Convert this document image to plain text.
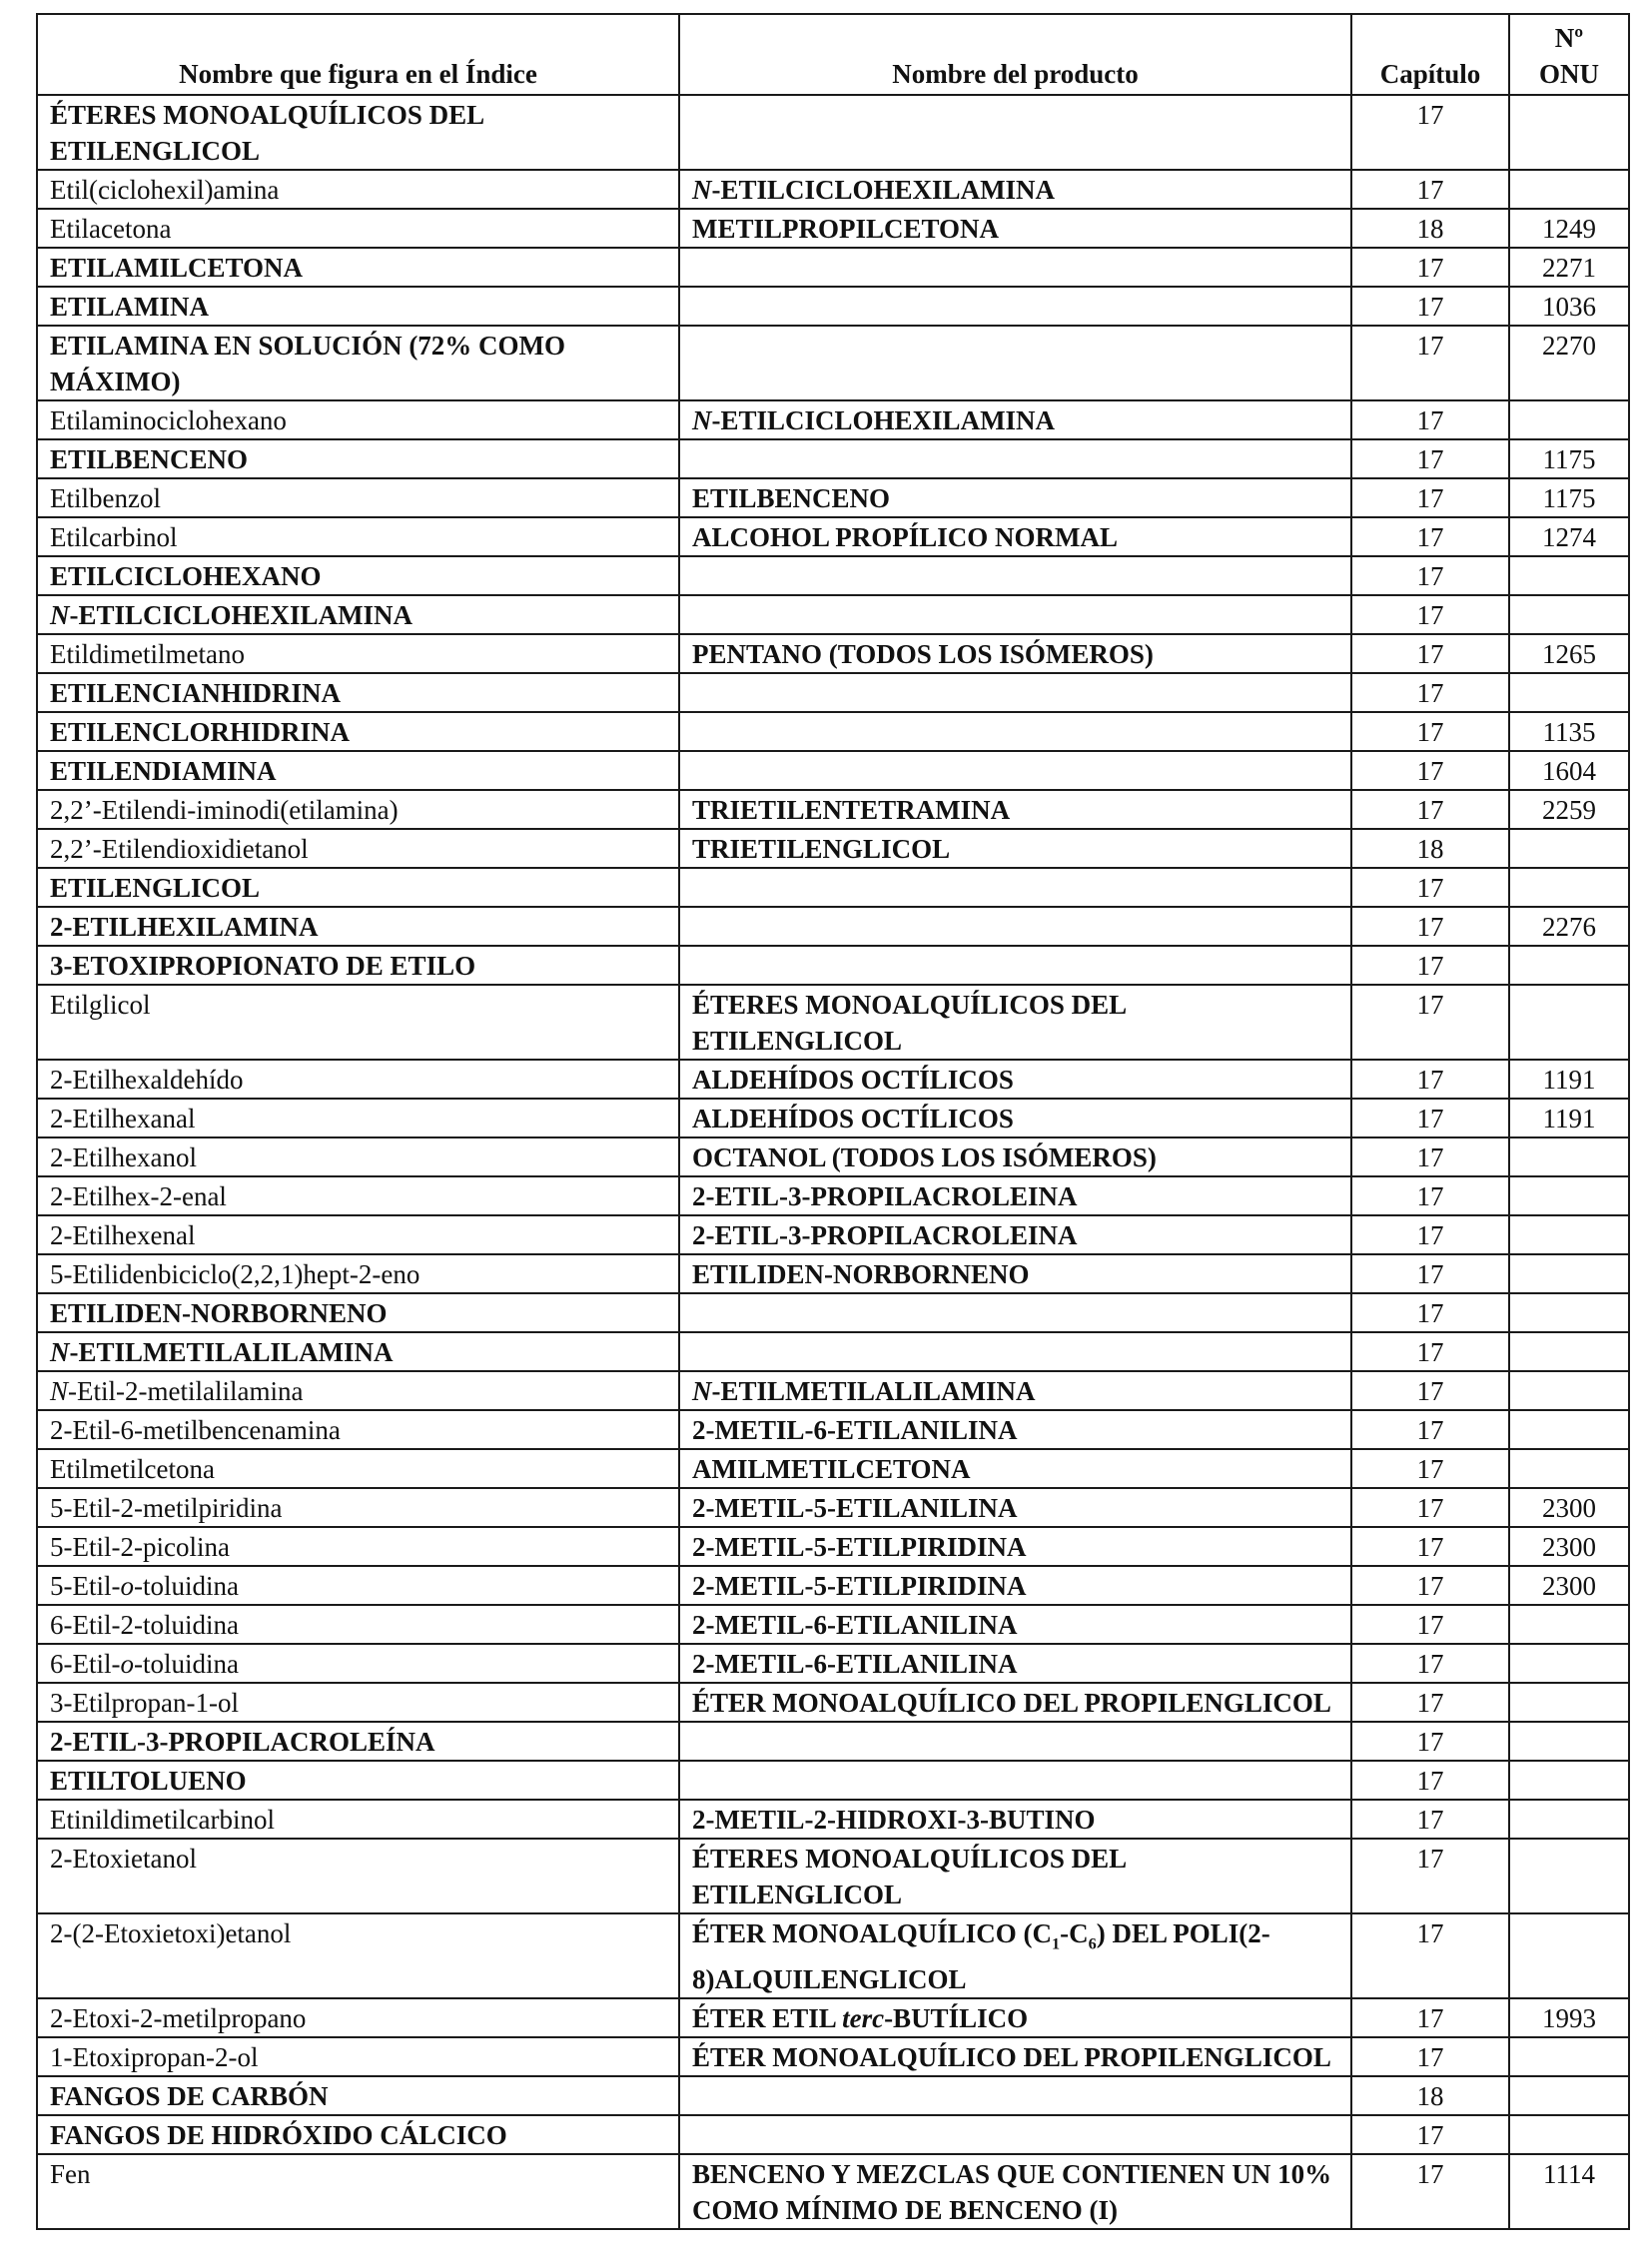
Nombre que figura en el Índice	Nombre del producto	Capítulo	Nº ONU
ÉTERES MONOALQUÍLICOS DEL ETILENGLICOL		17	
Etil(ciclohexil)amina	N-ETILCICLOHEXILAMINA	17	
Etilacetona	METILPROPILCETONA	18	1249
ETILAMILCETONA		17	2271
ETILAMINA		17	1036
ETILAMINA EN SOLUCIÓN (72% COMO MÁXIMO)		17	2270
Etilaminociclohexano	N-ETILCICLOHEXILAMINA	17	
ETILBENCENO		17	1175
Etilbenzol	ETILBENCENO	17	1175
Etilcarbinol	ALCOHOL PROPÍLICO NORMAL	17	1274
ETILCICLOHEXANO		17	
N-ETILCICLOHEXILAMINA		17	
Etildimetilmetano	PENTANO (TODOS LOS ISÓMEROS)	17	1265
ETILENCIANHIDRINA		17	
ETILENCLORHIDRINA		17	1135
ETILENDIAMINA		17	1604
2,2’-Etilendi-iminodi(etilamina)	TRIETILENTETRAMINA	17	2259
2,2’-Etilendioxidietanol	TRIETILENGLICOL	18	
ETILENGLICOL		17	
2-ETILHEXILAMINA		17	2276
3-ETOXIPROPIONATO DE ETILO		17	
Etilglicol	ÉTERES MONOALQUÍLICOS DEL ETILENGLICOL	17	
2-Etilhexaldehído	ALDEHÍDOS OCTÍLICOS	17	1191
2-Etilhexanal	ALDEHÍDOS OCTÍLICOS	17	1191
2-Etilhexanol	OCTANOL (TODOS LOS ISÓMEROS)	17	
2-Etilhex-2-enal	2-ETIL-3-PROPILACROLEINA	17	
2-Etilhexenal	2-ETIL-3-PROPILACROLEINA	17	
5-Etilidenbiciclo(2,2,1)hept-2-eno	ETILIDEN-NORBORNENO	17	
ETILIDEN-NORBORNENO		17	
N-ETILMETILALILAMINA		17	
N-Etil-2-metilalilamina	N-ETILMETILALILAMINA	17	
2-Etil-6-metilbencenamina	2-METIL-6-ETILANILINA	17	
Etilmetilcetona	AMILMETILCETONA	17	
5-Etil-2-metilpiridina	2-METIL-5-ETILANILINA	17	2300
5-Etil-2-picolina	2-METIL-5-ETILPIRIDINA	17	2300
5-Etil-o-toluidina	2-METIL-5-ETILPIRIDINA	17	2300
6-Etil-2-toluidina	2-METIL-6-ETILANILINA	17	
6-Etil-o-toluidina	2-METIL-6-ETILANILINA	17	
3-Etilpropan-1-ol	ÉTER MONOALQUÍLICO DEL PROPILENGLICOL	17	
2-ETIL-3-PROPILACROLEÍNA		17	
ETILTOLUENO		17	
Etinildimetilcarbinol	2-METIL-2-HIDROXI-3-BUTINO	17	
2-Etoxietanol	ÉTERES MONOALQUÍLICOS DEL ETILENGLICOL	17	
2-(2-Etoxietoxi)etanol	ÉTER MONOALQUÍLICO $(C_1-C_6)$ DEL POLI(2-8)ALQUILENGLICOL	17	
2-Etoxi-2-metilpropano	ÉTER ETIL terc-BUTÍLICO	17	1993
1-Etoxipropan-2-ol	ÉTER MONOALQUÍLICO DEL PROPILENGLICOL	17	
FANGOS DE CARBÓN		18	
FANGOS DE HIDRÓXIDO CÁLCICO		17	
Fen	BENCENO Y MEZCLAS QUE CONTIENEN UN 10% COMO MÍNIMO DE BENCENO (I)	17	1114
